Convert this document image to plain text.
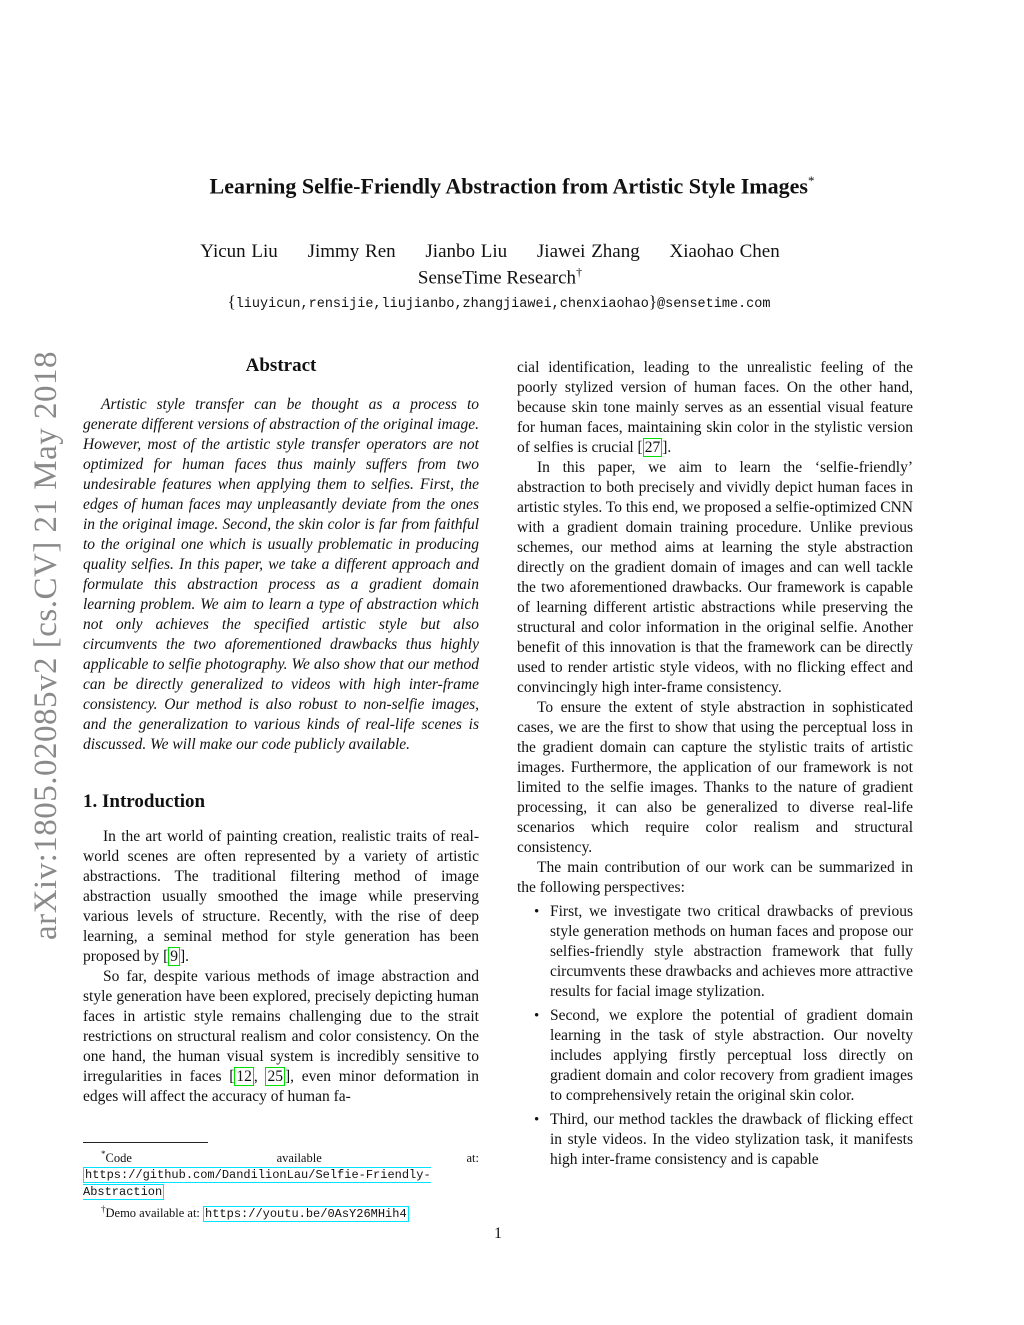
arXiv:1805.02085v2 [cs.CV] 21 May 2018
Learning Selfie-Friendly Abstraction from Artistic Style Images*
Yicun Liu Jimmy Ren Jianbo Liu Jiawei Zhang Xiaohao Chen
SenseTime Research†
{liuyicun,rensijie,liujianbo,zhangjiawei,chenxiaohao}@sensetime.com
Abstract

Artistic style transfer can be thought as a process to generate different versions of abstraction of the original image. However, most of the artistic style transfer operators are not optimized for human faces thus mainly suffers from two undesirable features when applying them to selfies. First, the edges of human faces may unpleasantly deviate from the ones in the original image. Second, the skin color is far from faithful to the original one which is usually problematic in producing quality selfies. In this paper, we take a different approach and formulate this abstraction process as a gradient domain learning problem. We aim to learn a type of abstraction which not only achieves the specified artistic style but also circumvents the two aforementioned drawbacks thus highly applicable to selfie photography. We also show that our method can be directly generalized to videos with high inter-frame consistency. Our method is also robust to non-selfie images, and the generalization to various kinds of real-life scenes is discussed. We will make our code publicly available.

1. Introduction

In the art world of painting creation, realistic traits of real-world scenes are often represented by a variety of artistic abstractions. The traditional filtering method of image abstraction usually smoothed the image while preserving various levels of structure. Recently, with the rise of deep learning, a seminal method for style generation has been proposed by [ 9 ].

So far, despite various methods of image abstraction and style generation have been explored, precisely depicting human faces in artistic style remains challenging due to the strait restrictions on structural realism and color consistency. On the one hand, the human visual system is incredibly sensitive to irregularities in faces [ 12 , 25 ], even minor deformation in edges will affect the accuracy of human fa-

*Code available at: https://github.com/DandilionLau/Selfie-Friendly-Abstraction
†Demo available at: https://youtu.be/0AsY26MHih4

cial identification, leading to the unrealistic feeling of the poorly stylized version of human faces. On the other hand, because skin tone mainly serves as an essential visual feature for human faces, maintaining skin color in the stylistic version of selfies is crucial [ 27 ].

In this paper, we aim to learn the ‘selfie-friendly’ abstraction to both precisely and vividly depict human faces in artistic styles. To this end, we proposed a selfie-optimized CNN with a gradient domain training procedure. Unlike previous schemes, our method aims at learning the style abstraction directly on the gradient domain of images and can well tackle the two aforementioned drawbacks. Our framework is capable of learning different artistic abstractions while preserving the structural and color information in the original selfie. Another benefit of this innovation is that the framework can be directly used to render artistic style videos, with no flicking effect and convincingly high inter-frame consistency.

To ensure the extent of style abstraction in sophisticated cases, we are the first to show that using the perceptual loss in the gradient domain can capture the stylistic traits of artistic images. Furthermore, the application of our framework is not limited to the selfie images. Thanks to the nature of gradient processing, it can also be generalized to diverse real-life scenarios which require color realism and structural consistency.

The main contribution of our work can be summarized in the following perspectives:

• First, we investigate two critical drawbacks of previous style generation methods on human faces and propose our selfies-friendly style abstraction framework that fully circumvents these drawbacks and achieves more attractive results for facial image stylization.

• Second, we explore the potential of gradient domain learning in the task of style abstraction. Our novelty includes applying firstly perceptual loss directly on gradient domain and color recovery from gradient images to comprehensively retain the original skin color.

• Third, our method tackles the drawback of flicking effect in style videos. In the video stylization task, it manifests high inter-frame consistency and is capable

1
